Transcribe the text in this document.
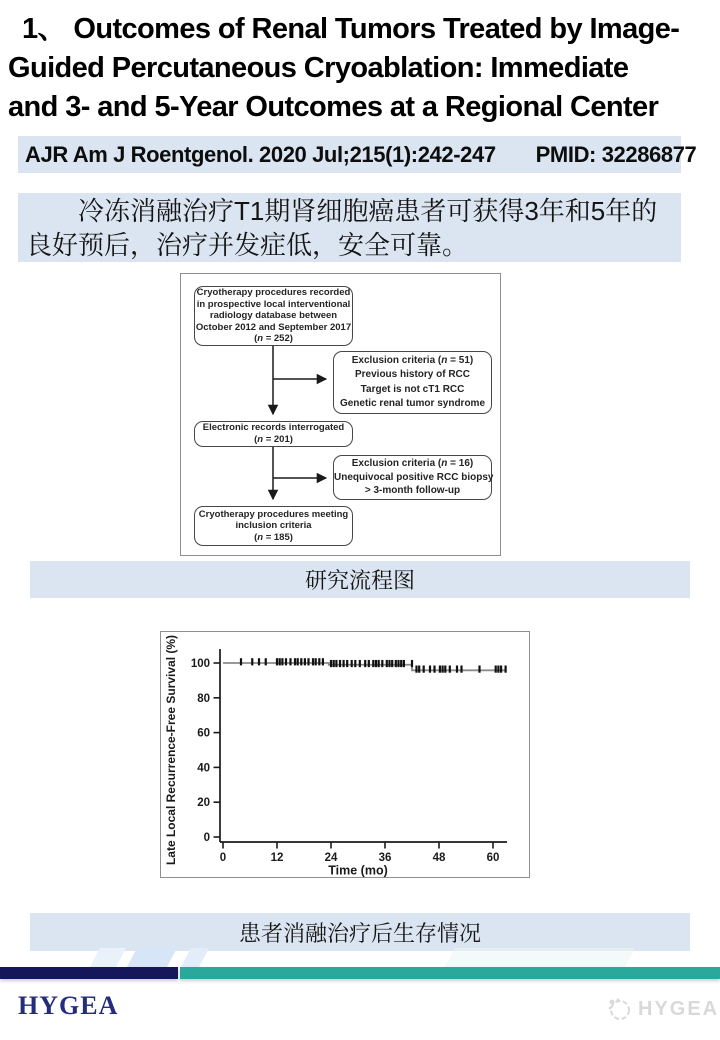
1、 Outcomes of Renal Tumors Treated by Image-
Guided Percutaneous Cryoablation: Immediate
and 3- and 5-Year Outcomes at a Regional Center
AJR Am J Roentgenol. 2020 Jul;215(1):242-247 PMID: 32286877
冷冻消融治疗T1期肾细胞癌患者可获得3年和5年的良好预后，治疗并发症低，安全可靠。
Cryotherapy procedures recorded
in prospective local interventional
radiology database between
October 2012 and September 2017
(n = 252)
Exclusion criteria (n = 51)
Previous history of RCC
Target is not cT1 RCC
Genetic renal tumor syndrome
Electronic records interrogated
(n = 201)
Exclusion criteria (n = 16)
Unequivocal positive RCC biopsy
> 3-month follow-up
Cryotherapy procedures meeting
inclusion criteria
(n = 185)
研究流程图
0
20
40
60
80
100
0	12	24	36	48	60
Time (mo)
Late Local Recurrence-Free Survival (%)
患者消融治疗后生存情况
HYGEA	HYGEA
